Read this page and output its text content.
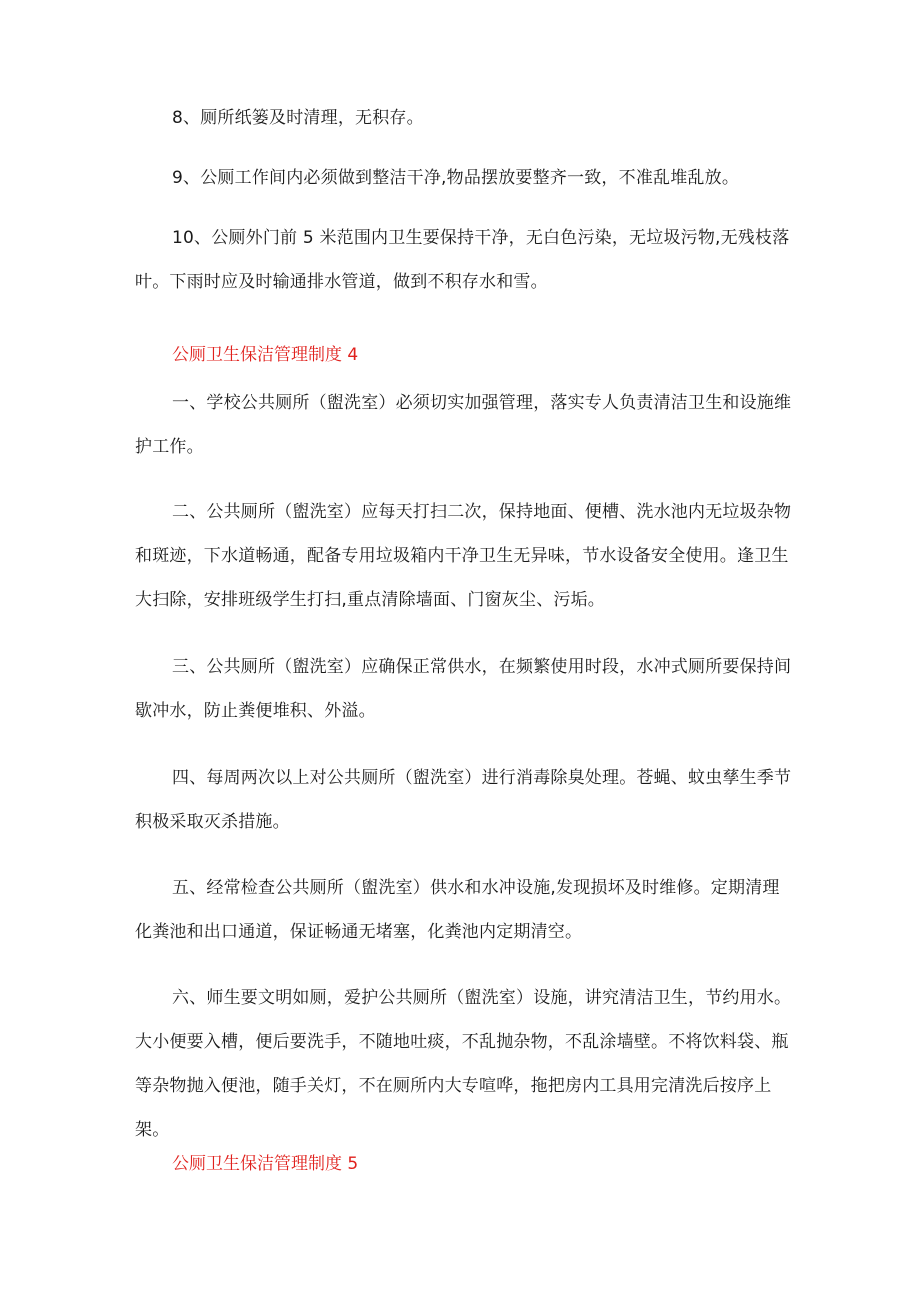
8、厕所纸篓及时清理，无积存。

9、公厕工作间内必须做到整洁干净,物品摆放要整齐一致，不准乱堆乱放。

10、公厕外门前 5 米范围内卫生要保持干净，无白色污染，无垃圾污物,无残枝落叶。下雨时应及时输通排水管道，做到不积存水和雪。

公厕卫生保洁管理制度 4

一、学校公共厕所（盥洗室）必须切实加强管理，落实专人负责清洁卫生和设施维护工作。

二、公共厕所（盥洗室）应每天打扫二次，保持地面、便槽、洗水池内无垃圾杂物和斑迹，下水道畅通，配备专用垃圾箱内干净卫生无异味，节水设备安全使用。逢卫生大扫除，安排班级学生打扫,重点清除墙面、门窗灰尘、污垢。

三、公共厕所（盥洗室）应确保正常供水，在频繁使用时段，水冲式厕所要保持间歇冲水，防止粪便堆积、外溢。

四、每周两次以上对公共厕所（盥洗室）进行消毒除臭处理。苍蝇、蚊虫孳生季节积极采取灭杀措施。

五、经常检查公共厕所（盥洗室）供水和水冲设施,发现损坏及时维修。定期清理化粪池和出口通道，保证畅通无堵塞，化粪池内定期清空。

六、师生要文明如厕，爱护公共厕所（盥洗室）设施，讲究清洁卫生，节约用水。大小便要入槽，便后要洗手，不随地吐痰，不乱抛杂物，不乱涂墙壁。不将饮料袋、瓶等杂物抛入便池，随手关灯，不在厕所内大专喧哗，拖把房内工具用完清洗后按序上架。

公厕卫生保洁管理制度 5
